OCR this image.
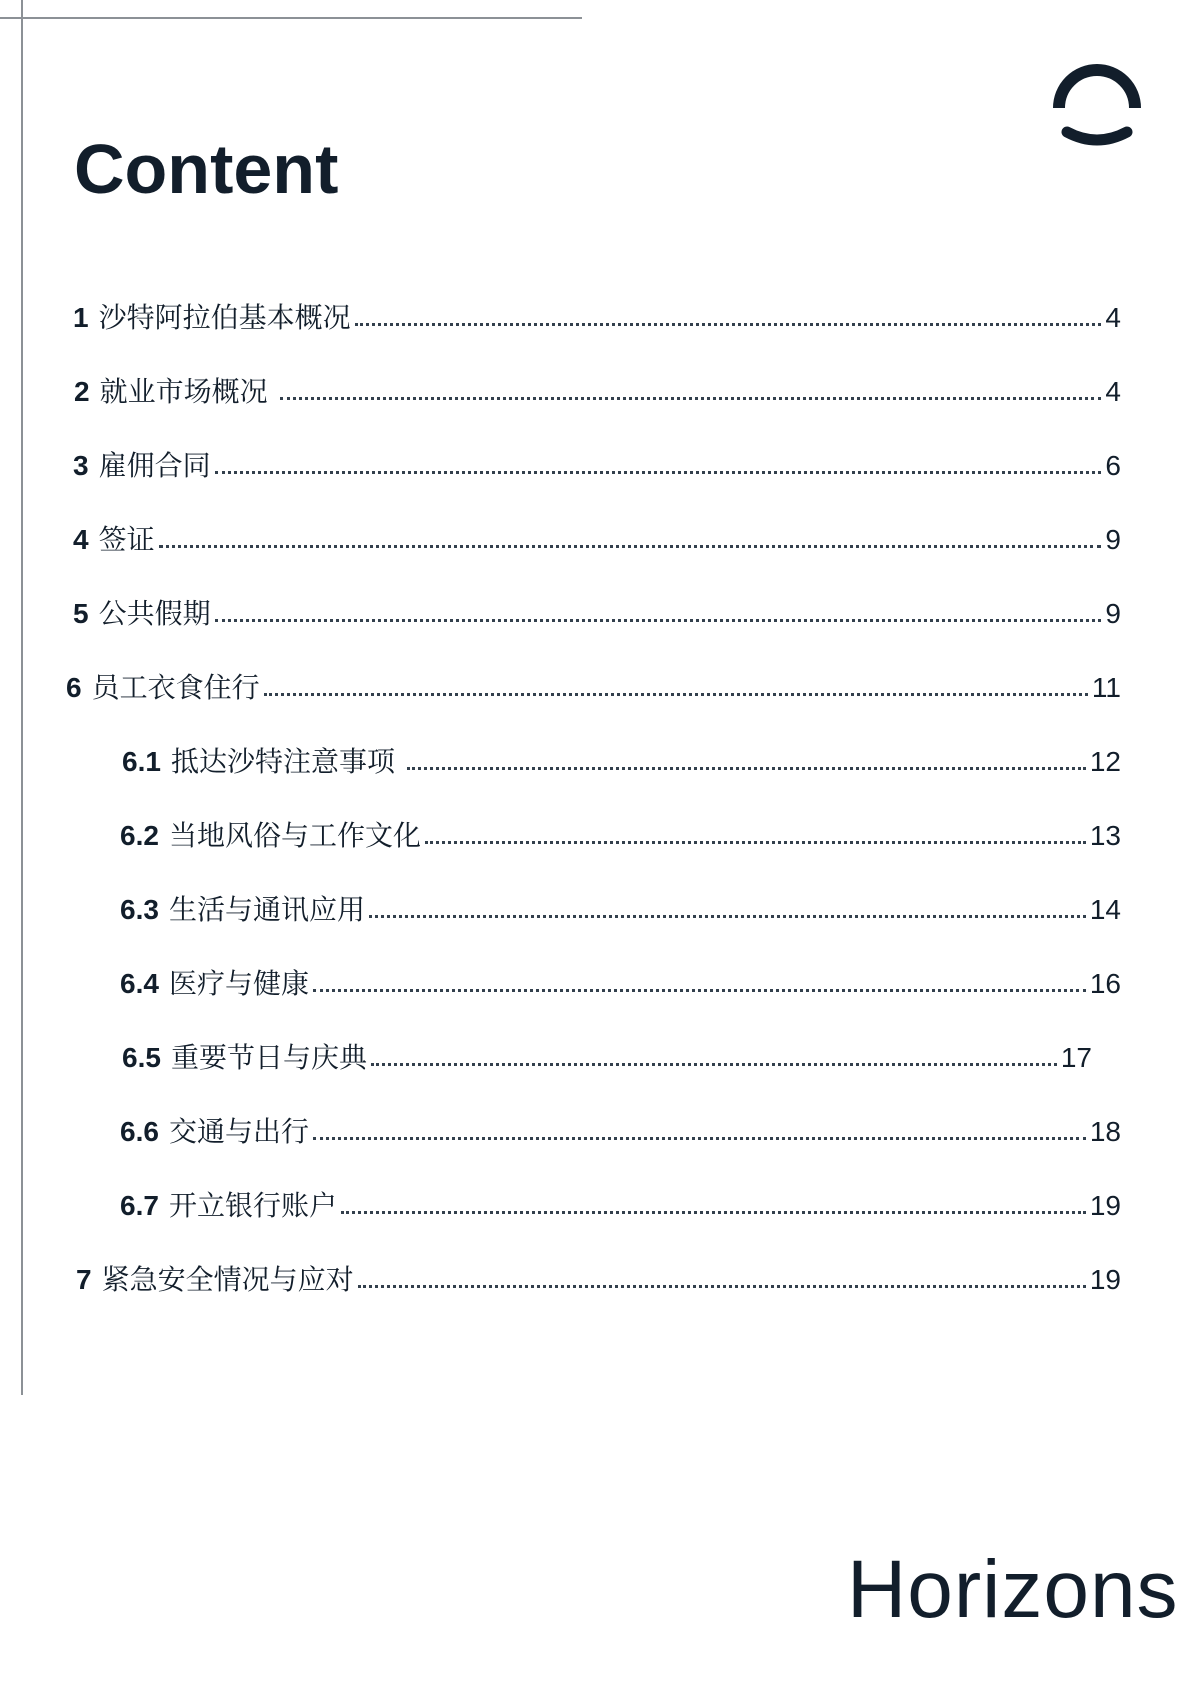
Content
1 沙特阿拉伯基本概况	4
2 就业市场概况	4
3 雇佣合同	6
4 签证	9
5 公共假期	9
6 员工衣食住行	11
6.1 抵达沙特注意事项	12
6.2 当地风俗与工作文化	13
6.3 生活与通讯应用	14
6.4 医疗与健康	16
6.5 重要节日与庆典	17
6.6 交通与出行	18
6.7 开立银行账户	19
7 紧急安全情况与应对	19
Horizons
